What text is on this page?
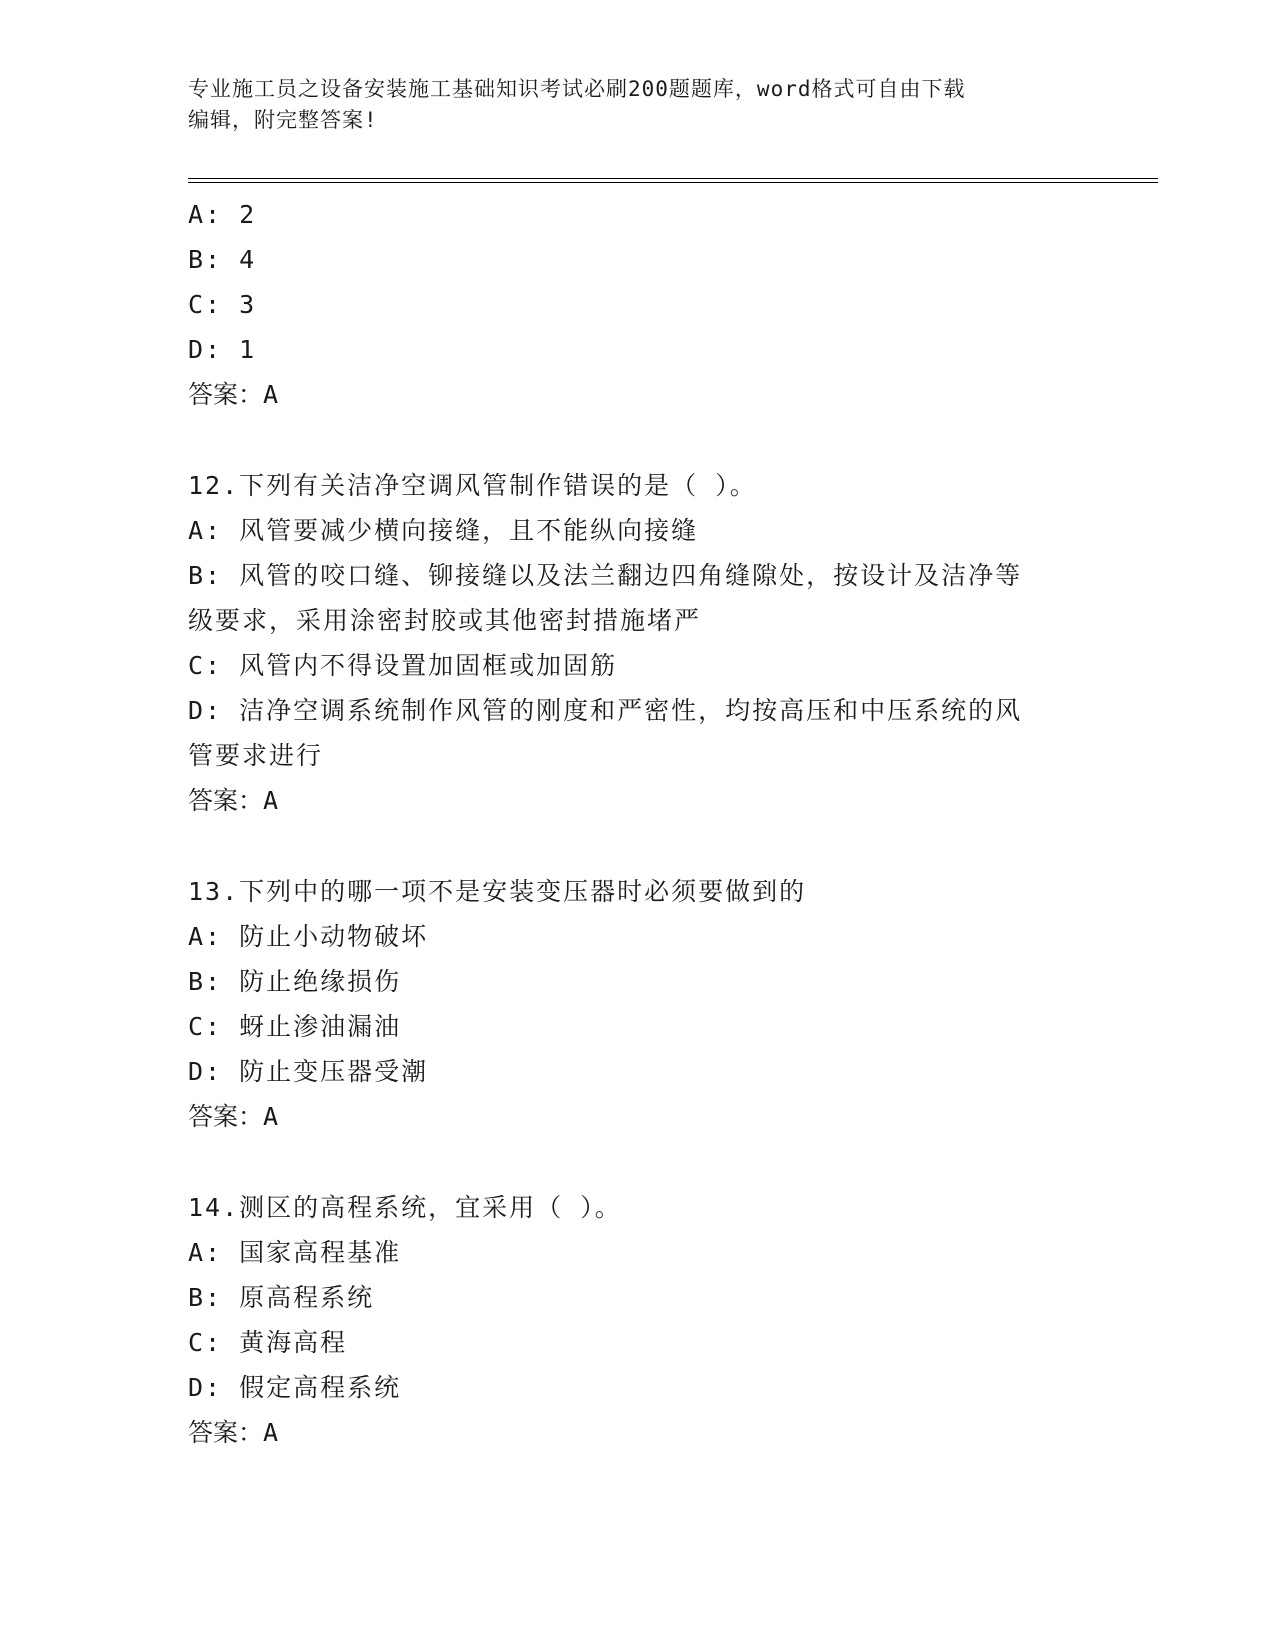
专业施工员之设备安装施工基础知识考试必刷200题题库，word格式可自由下载
编辑，附完整答案!
A: 2
B: 4
C: 3
D: 1
答案：A
12.下列有关洁净空调风管制作错误的是（ ）。
A: 风管要减少横向接缝，且不能纵向接缝
B: 风管的咬口缝、铆接缝以及法兰翻边四角缝隙处，按设计及洁净等
级要求，采用涂密封胶或其他密封措施堵严
C: 风管内不得设置加固框或加固筋
D: 洁净空调系统制作风管的刚度和严密性，均按高压和中压系统的风
管要求进行
答案：A
13.下列中的哪一项不是安装变压器时必须要做到的
A: 防止小动物破坏
B: 防止绝缘损伤
C: 蚜止渗油漏油
D: 防止变压器受潮
答案：A
14.测区的高程系统，宜采用（ ）。
A: 国家高程基准
B: 原高程系统
C: 黄海高程
D: 假定高程系统
答案：A
